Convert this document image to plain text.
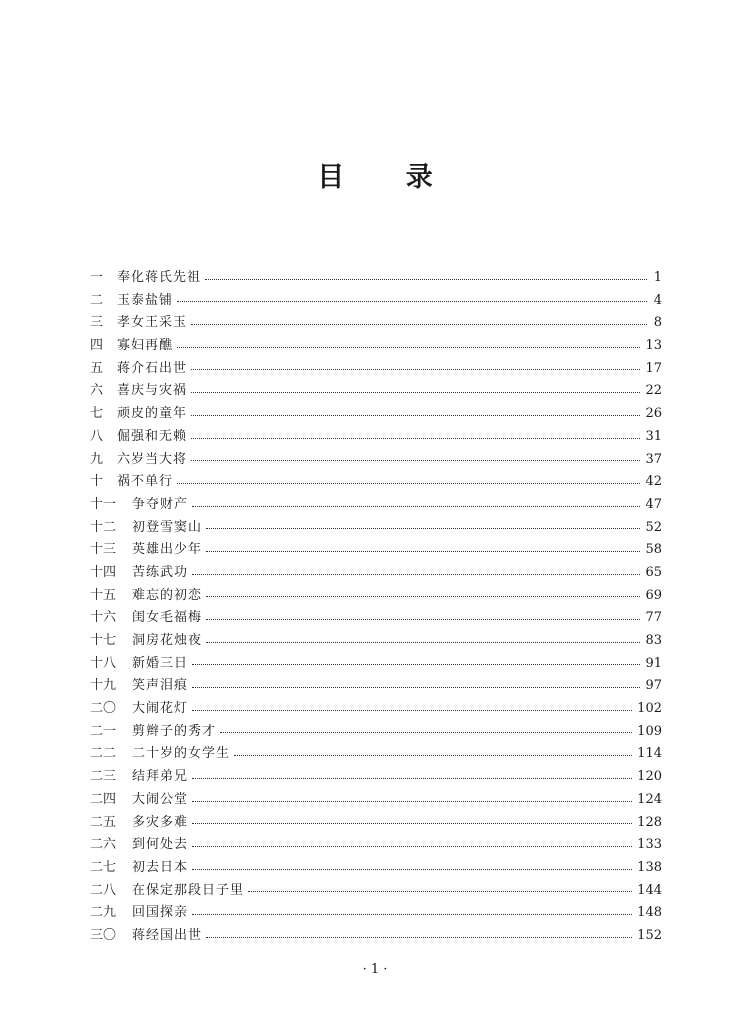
目 录
一	奉化蒋氏先祖	1
二	玉泰盐铺	4
三	孝女王采玉	8
四	寡妇再醮	13
五	蒋介石出世	17
六	喜庆与灾祸	22
七	顽皮的童年	26
八	倔强和无赖	31
九	六岁当大将	37
十	祸不单行	42
十一	争夺财产	47
十二	初登雪窦山	52
十三	英雄出少年	58
十四	苦练武功	65
十五	难忘的初恋	69
十六	闺女毛福梅	77
十七	洞房花烛夜	83
十八	新婚三日	91
十九	笑声泪痕	97
二〇	大闹花灯	102
二一	剪辫子的秀才	109
二二	二十岁的女学生	114
二三	结拜弟兄	120
二四	大闹公堂	124
二五	多灾多难	128
二六	到何处去	133
二七	初去日本	138
二八	在保定那段日子里	144
二九	回国探亲	148
三〇	蒋经国出世	152
· 1 ·
